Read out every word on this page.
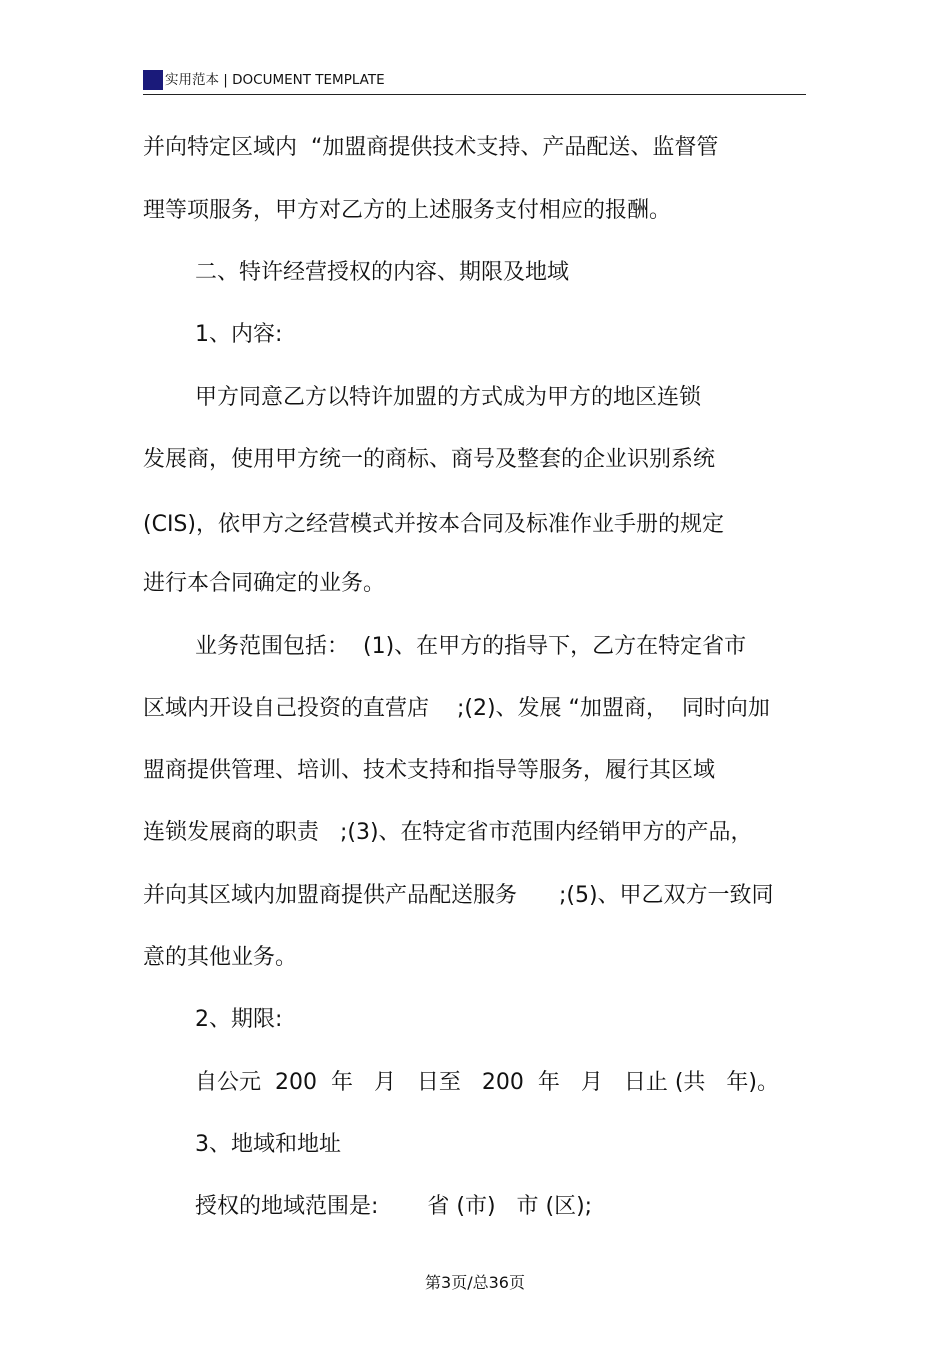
实用范本 | DOCUMENT TEMPLATE
并向特定区域内  “加盟商提供技术支持、产品配送、监督管
理等项服务，甲方对乙方的上述服务支付相应的报酬。
二、特许经营授权的内容、期限及地域
1、内容:
甲方同意乙方以特许加盟的方式成为甲方的地区连锁
发展商，使用甲方统一的商标、商号及整套的企业识别系统
(CIS)，依甲方之经营模式并按本合同及标准作业手册的规定
进行本合同确定的业务。
业务范围包括：  (1)、在甲方的指导下，乙方在特定省市
区域内开设自己投资的直营店    ;(2)、发展 “加盟商，  同时向加
盟商提供管理、培训、技术支持和指导等服务，履行其区域
连锁发展商的职责   ;(3)、在特定省市范围内经销甲方的产品，
并向其区域内加盟商提供产品配送服务      ;(5)、甲乙双方一致同
意的其他业务。
2、期限:
自公元  200  年   月   日至   200  年   月   日止 (共   年)。
3、地域和地址
授权的地域范围是:       省 (市)   市 (区);
第3页/总36页
